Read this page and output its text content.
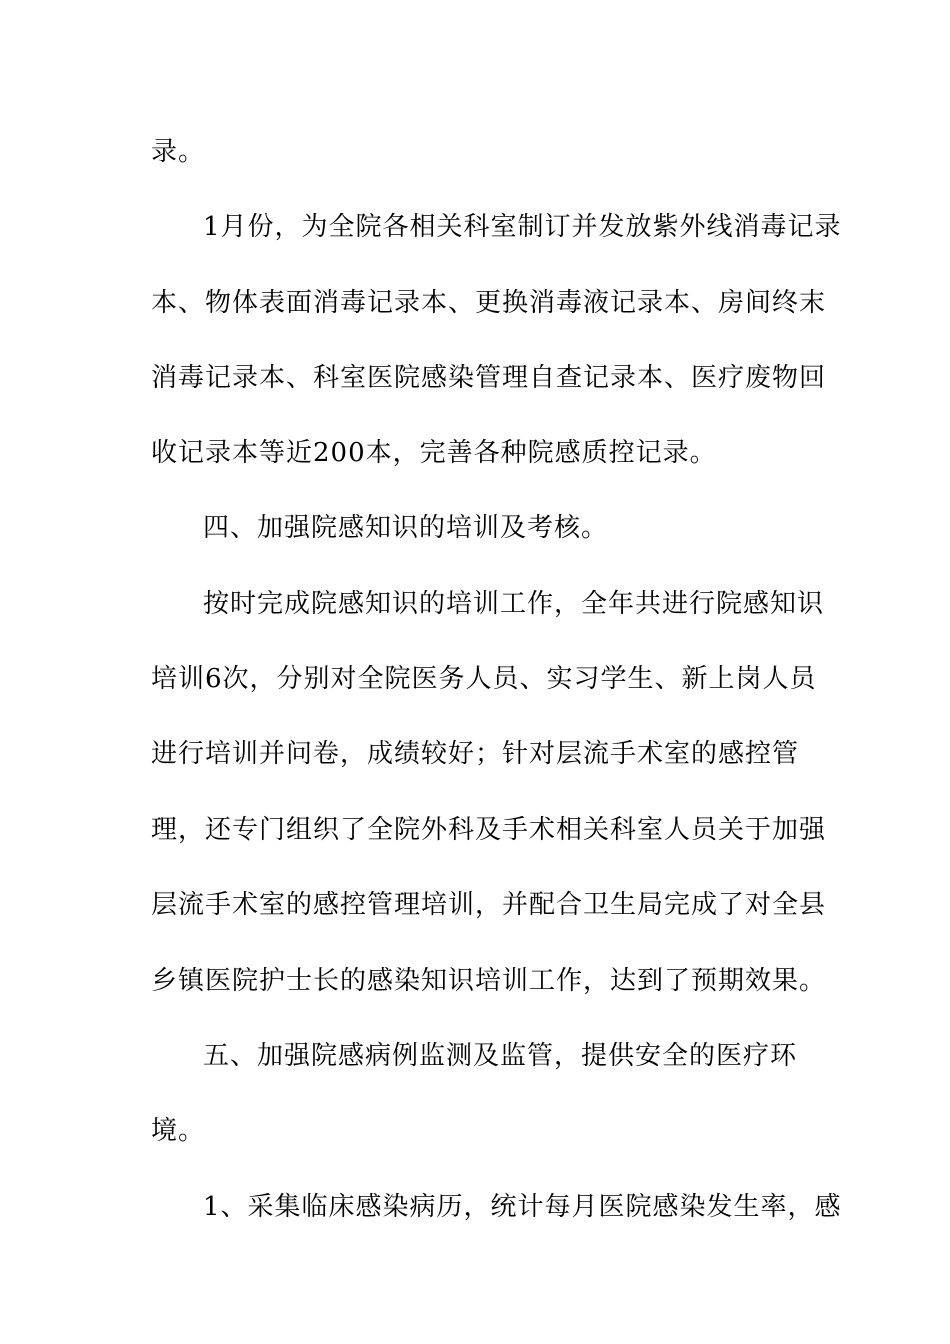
录。
1月份，为全院各相关科室制订并发放紫外线消毒记录
本、物体表面消毒记录本、更换消毒液记录本、房间终末
消毒记录本、科室医院感染管理自查记录本、医疗废物回
收记录本等近200本，完善各种院感质控记录。
四、加强院感知识的培训及考核。
按时完成院感知识的培训工作，全年共进行院感知识
培训6次，分别对全院医务人员、实习学生、新上岗人员
进行培训并问卷，成绩较好；针对层流手术室的感控管
理，还专门组织了全院外科及手术相关科室人员关于加强
层流手术室的感控管理培训，并配合卫生局完成了对全县
乡镇医院护士长的感染知识培训工作，达到了预期效果。
五、加强院感病例监测及监管，提供安全的医疗环
境。
1、采集临床感染病历，统计每月医院感染发生率，感
